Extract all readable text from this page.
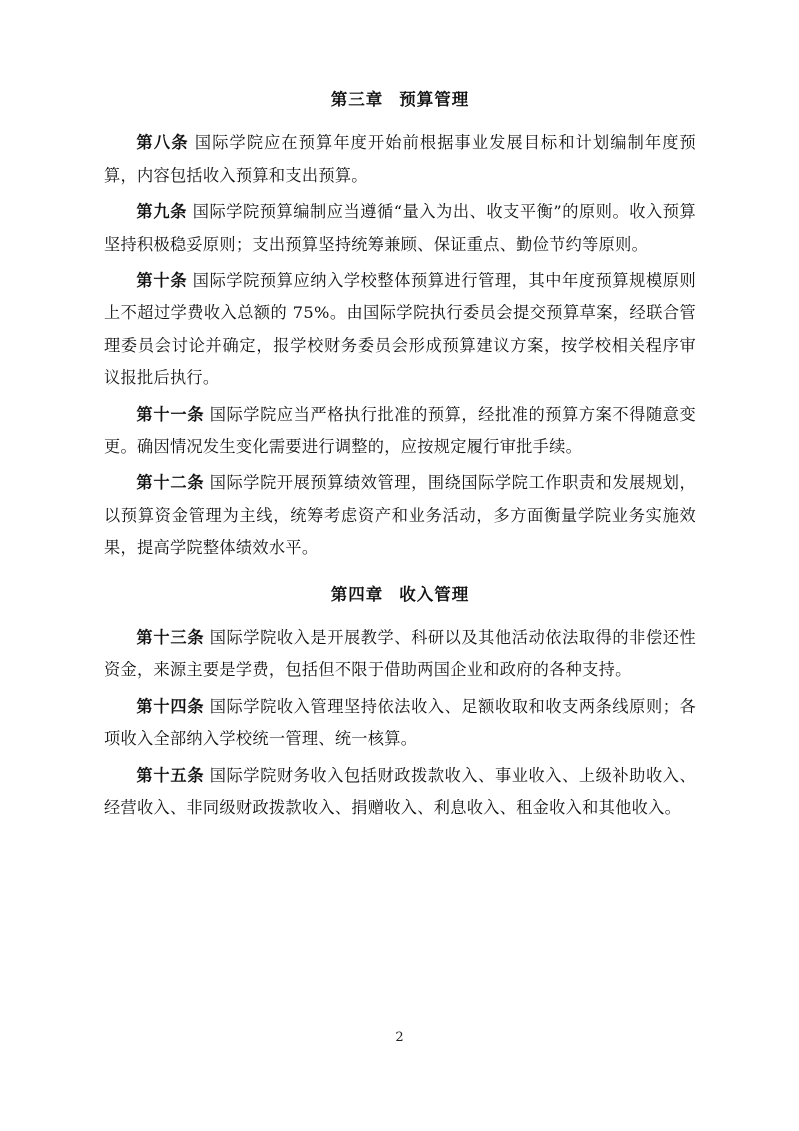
第三章 预算管理

第八条 国际学院应在预算年度开始前根据事业发展目标和计划编制年度预算，内容包括收入预算和支出预算。

第九条 国际学院预算编制应当遵循“量入为出、收支平衡”的原则。收入预算坚持积极稳妥原则；支出预算坚持统筹兼顾、保证重点、勤俭节约等原则。

第十条 国际学院预算应纳入学校整体预算进行管理，其中年度预算规模原则上不超过学费收入总额的 75%。由国际学院执行委员会提交预算草案，经联合管理委员会讨论并确定，报学校财务委员会形成预算建议方案，按学校相关程序审议报批后执行。

第十一条 国际学院应当严格执行批准的预算，经批准的预算方案不得随意变更。确因情况发生变化需要进行调整的，应按规定履行审批手续。

第十二条 国际学院开展预算绩效管理，围绕国际学院工作职责和发展规划，以预算资金管理为主线，统筹考虑资产和业务活动，多方面衡量学院业务实施效果，提高学院整体绩效水平。

第四章 收入管理

第十三条 国际学院收入是开展教学、科研以及其他活动依法取得的非偿还性资金，来源主要是学费，包括但不限于借助两国企业和政府的各种支持。

第十四条 国际学院收入管理坚持依法收入、足额收取和收支两条线原则；各项收入全部纳入学校统一管理、统一核算。

第十五条 国际学院财务收入包括财政拨款收入、事业收入、上级补助收入、经营收入、非同级财政拨款收入、捐赠收入、利息收入、租金收入和其他收入。

2
